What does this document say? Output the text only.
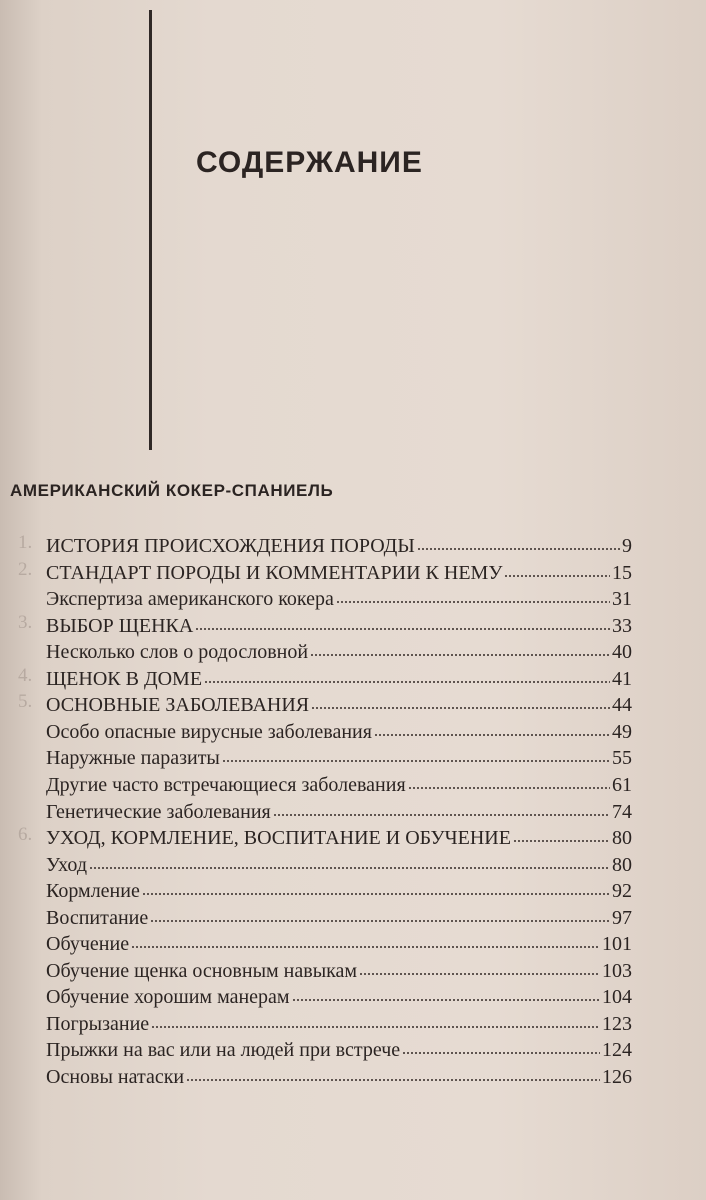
СОДЕРЖАНИЕ
АМЕРИКАНСКИЙ КОКЕР-СПАНИЕЛЬ
1. ИСТОРИЯ ПРОИСХОЖДЕНИЯ ПОРОДЫ	9
2. СТАНДАРТ ПОРОДЫ И КОММЕНТАРИИ К НЕМУ	15
Экспертиза американского кокера	31
3. ВЫБОР ЩЕНКА	33
Несколько слов о родословной	40
4. ЩЕНОК В ДОМЕ	41
5. ОСНОВНЫЕ ЗАБОЛЕВАНИЯ	44
Особо опасные вирусные заболевания	49
Наружные паразиты	55
Другие часто встречающиеся заболевания	61
Генетические заболевания	74
6. УХОД, КОРМЛЕНИЕ, ВОСПИТАНИЕ И ОБУЧЕНИЕ	80
Уход	80
Кормление	92
Воспитание	97
Обучение	101
Обучение щенка основным навыкам	103
Обучение хорошим манерам	104
Погрызание	123
Прыжки на вас или на людей при встрече	124
Основы натаски	126
